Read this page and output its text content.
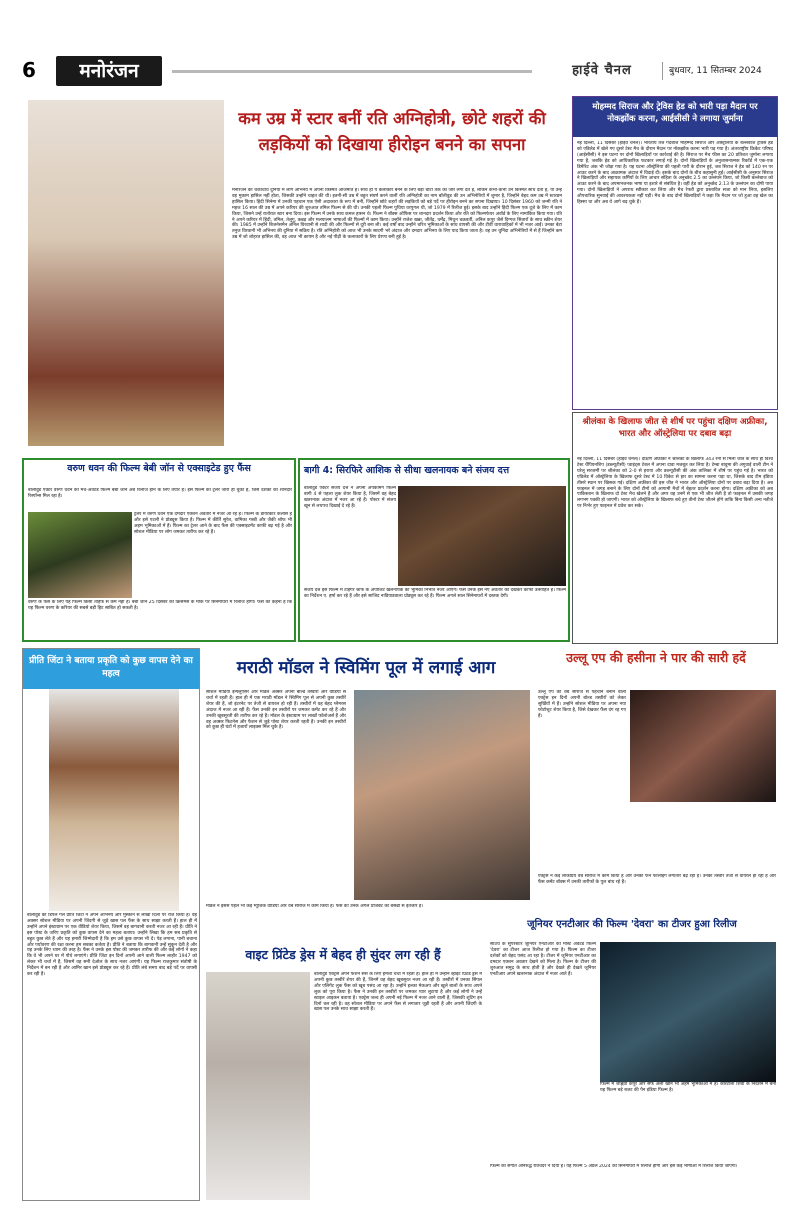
6	मनोरंजन	हाईवे चैनल	बुधवार, 11 सितम्बर 2024
कम उम्र में स्टार बनीं रति अग्निहोत्री, छोटे शहरों की लड़कियों को दिखाया हीरोइन बनने का सपना
मनोरंजन को चकाचौंध दुनिया में लोग अभिनय में अपनी किस्मत आजमाते हैं। साथ ही ये कलाकार बनने के लिए बड़ी चोटी तक का जोर लगा देते हैं, लेकिन कभी-कभी उन किस्मत साथ देती है, या उन्हें वह मुकाम हासिल नहीं होता, जिसकी उन्होंने चाहत की थी। इतनी-सी उम्र में बहुत संघर्ष करने वालीं रति अग्निहोत्री का नाम बॉलीवुड की उन अभिनेत्रियों में शुमार है, जिन्होंने बेहद कम उम्र में स्टारडम हासिल किया। हिंदी सिनेमा में उनकी पहचान एक ऐसी अदाकारा के रूप में बनी, जिन्होंने छोटे शहरों की लड़कियों को बड़े पर्दे पर हीरोइन बनने का सपना दिखाया। 10 दिसंबर 1960 को जन्मी रति ने महज 16 साल की उम्र में अपने करियर की शुरुआत तमिल फिल्म से की थी। उनकी पहली फिल्म पुथिया वरपुगल थी, जो 1979 में रिलीज हुई। इसके बाद उन्होंने हिंदी फिल्म एक दूजे के लिए में काम किया, जिसने उन्हें रातोंरात स्टार बना दिया। इस फिल्म में उनके साथ कमल हासन थे। फिल्म ने बॉक्स ऑफिस पर शानदार प्रदर्शन किया और रति को फिल्मफेयर अवॉर्ड के लिए नामांकित किया गया। रति ने अपने करियर में हिंदी, तमिल, तेलुगु, कन्नड़ और मलयालम भाषाओं की फिल्मों में काम किया। उन्होंने राजेश खन्ना, जीतेंद्र, धर्मेंद्र, मिथुन चक्रवर्ती, अनिल कपूर जैसे दिग्गज सितारों के साथ स्क्रीन शेयर की। 1985 में उन्होंने बिजनेसमैन अनिल विरवानी से शादी की और फिल्मों से दूरी बना ली। कई वर्षों बाद उन्होंने चरित्र भूमिकाओं के साथ वापसी की और टीवी धारावाहिकों में भी नजर आईं। उनका बेटा तनुज विरवानी भी अभिनय की दुनिया में सक्रिय है। रति अग्निहोत्री को आज भी उनके सादगी भरे अंदाज और दमदार अभिनय के लिए याद किया जाता है। वह उन चुनिंदा अभिनेत्रियों में से हैं जिन्होंने कम उम्र में जो शोहरत हासिल की, वह आज भी कायम है और नई पीढ़ी के कलाकारों के लिए प्रेरणा बनी हुई है।
मोहम्मद सिराज और ट्रेविस हेड को भारी पड़ा मैदान पर नोकझोंक करना, आईसीसी ने लगाया जुर्माना
नई दिल्ली, 11 दिसंबर (हाईवे चैनल)। भारतीय तेज गेंदबाज मोहम्मद सिराज और ऑस्ट्रेलिया के बल्लेबाज ट्रेविस हेड को एडिलेड में खेले गए दूसरे टेस्ट मैच के दौरान मैदान पर नोकझोंक करना भारी पड़ गया है। अंतरराष्ट्रीय क्रिकेट परिषद (आईसीसी) ने इस घटना पर दोनों खिलाड़ियों पर कार्रवाई की है। सिराज पर मैच फीस का 20 प्रतिशत जुर्माना लगाया गया है, जबकि हेड को आधिकारिक फटकार लगाई गई है। दोनों खिलाड़ियों के अनुशासनात्मक रिकॉर्ड में एक-एक डिमेरिट अंक भी जोड़ा गया है। यह घटना ऑस्ट्रेलिया की पहली पारी के दौरान हुई, जब सिराज ने हेड को 140 रन पर आउट करने के बाद आक्रामक अंदाज में विदाई दी। इसके बाद दोनों के बीच कहासुनी हुई। आईसीसी के अनुसार सिराज ने खिलाड़ियों और सहायक कर्मियों के लिए आचार संहिता के अनुच्छेद 2.5 का उल्लंघन किया, जो किसी बल्लेबाज को आउट करने के बाद अपमानजनक भाषा या इशारे से संबंधित है। वहीं हेड को अनुच्छेद 2.13 के उल्लंघन का दोषी पाया गया। दोनों खिलाड़ियों ने अपराध स्वीकार कर लिया और मैच रेफरी द्वारा प्रस्तावित सजा को मान लिया, इसलिए औपचारिक सुनवाई की आवश्यकता नहीं पड़ी। मैच के बाद दोनों खिलाड़ियों ने कहा कि मैदान पर जो हुआ वह खेल का हिस्सा था और अब वे आगे बढ़ चुके हैं।
श्रीलंका के खिलाफ जीत से शीर्ष पर पहुंचा दक्षिण अफ्रीका, भारत और ऑस्ट्रेलिया पर दबाव बढ़ा
नई दिल्ली, 11 दिसंबर (हाईवे चैनल)। दक्षिण अफ्रीका ने श्रीलंका के खिलाफ 343 रनों से मिली जीत के साथ ही विश्व टेस्ट चैंपियनशिप (डब्ल्यूटीसी) प्वाइंट्स टेबल में अपना दावा मजबूत कर लिया है। टेम्बा बावुमा की अगुवाई वाली टीम ने घरेलू सरजमीं पर श्रीलंका को 2-0 से हराया और डब्ल्यूटीसी की अंक तालिका में शीर्ष पर पहुंच गई है। भारत को एडिलेड में ऑस्ट्रेलिया के खिलाफ दूसरे टेस्ट में 10 विकेट से हार का सामना करना पड़ा था, जिसके बाद टीम इंडिया तीसरे स्थान पर खिसक गई। दक्षिण अफ्रीका की इस जीत ने भारत और ऑस्ट्रेलिया दोनों पर दबाव बढ़ा दिया है। अब फाइनल में जगह बनाने के लिए दोनों टीमों को आगामी मैचों में बेहतर प्रदर्शन करना होगा। दक्षिण अफ्रीका को अब पाकिस्तान के खिलाफ दो टेस्ट मैच खेलने हैं और अगर वह उनमें से एक भी जीत लेती है तो फाइनल में उसकी जगह लगभग पक्की हो जाएगी। भारत को ऑस्ट्रेलिया के खिलाफ बचे हुए तीनों टेस्ट जीतने होंगे ताकि बिना किसी अन्य नतीजे पर निर्भर हुए फाइनल में प्रवेश कर सके।
वरुण धवन की फिल्म बेबी जॉन से एक्साइटेड हुए फैंस
बॉलीवुड एक्टर वरुण धवन की मच-अवेटेड फिल्म बेबी जॉन अब रिलीज होने के लिए तैयार है। इस फिल्म का ट्रेलर जारी हो चुका है, जिसे दर्शकों का शानदार रिस्पॉन्स मिल रहा है।
ट्रेलर में वरुण धवन एक दमदार एक्शन अवतार में नजर आ रहे हैं। फिल्म के डायरेक्टर कलीस हैं और इसे एटली ने प्रोड्यूस किया है। फिल्म में कीर्ति सुरेश, वामिका गब्बी और जैकी श्रॉफ भी अहम भूमिकाओं में हैं। फिल्म का ट्रेलर आने के बाद फैंस की एक्साइटमेंट काफी बढ़ गई है और सोशल मीडिया पर लोग जमकर तारीफ कर रहे हैं।
वरुण के फैंस के लिए यह फिल्म किसी तोहफे से कम नहीं है। बेबी जॉन 25 दिसंबर को क्रिसमस के मौके पर सिनेमाघरों में रिलीज होगी। फैंस का कहना है कि यह फिल्म वरुण के करियर की सबसे बड़ी हिट साबित हो सकती है।
बागी 4: सिरफिरे आशिक से सीधा खलनायक बने संजय दत्त
बॉलीवुड एक्टर संजय दत्त ने अपनी अपकमिंग फिल्म बागी 4 से पहला लुक शेयर किया है, जिसमें वह बेहद खतरनाक अंदाज में नजर आ रहे हैं। पोस्टर में संजय खून से लथपथ दिखाई दे रहे हैं।
संजय दत्त इस फिल्म में टाइगर श्रॉफ के अपोजिट खलनायक की भूमिका निभाते नजर आएंगे। फैंस उनके इस नए अवतार को देखकर काफी उत्साहित हैं। फिल्म का निर्देशन ए. हर्षा कर रहे हैं और इसे साजिद नाडियाडवाला प्रोड्यूस कर रहे हैं। फिल्म अगले साल सिनेमाघरों में दस्तक देगी।
प्रीति जिंटा ने बताया प्रकृति को कुछ वापस देने का महत्व
बॉलीवुड की डिंपल गर्ल प्रीति जिंटा ने अपने अभिनय और मुस्कान से लाखों दिलों पर राज किया है। वह अक्सर सोशल मीडिया पर अपनी जिंदगी से जुड़े खास पल फैंस के साथ साझा करती हैं। हाल ही में उन्होंने अपने इंस्टाग्राम पर एक वीडियो शेयर किया, जिसमें वह बागवानी करती नजर आ रही हैं। प्रीति ने इस पोस्ट के जरिए प्रकृति को कुछ वापस देने का महत्व बताया। उन्होंने लिखा कि हम सब प्रकृति से बहुत कुछ लेते हैं और यह हमारी जिम्मेदारी है कि हम उसे कुछ वापस भी दें। पेड़ लगाना, पानी बचाना और पर्यावरण की रक्षा करना हम सबका कर्तव्य है। प्रीति ने बताया कि बागवानी उन्हें सुकून देती है और यह उनके लिए ध्यान की तरह है। फैंस ने उनके इस पोस्ट की जमकर तारीफ की और कई लोगों ने कहा कि वे भी अपने घर में पौधे लगाएंगे। प्रीति जिंटा इन दिनों अपनी आने वाली फिल्म लाहौर 1947 को लेकर भी चर्चा में हैं, जिसमें वह सनी देओल के साथ नजर आएंगी। यह फिल्म राजकुमार संतोषी के निर्देशन में बन रही है और आमिर खान इसे प्रोड्यूस कर रहे हैं। प्रीति लंबे समय बाद बड़े पर्दे पर वापसी कर रही हैं।
मराठी मॉडल ने स्विमिंग पूल में लगाई आग
सोशल मीडिया इन्फ्लुएंसर और मॉडल अक्सर अपनी बोल्ड तस्वीरों और वीडियो से चर्चा में रहती हैं। हाल ही में एक मराठी मॉडल ने स्विमिंग पूल से अपनी कुछ तस्वीरें शेयर की हैं, जो इंटरनेट पर तेजी से वायरल हो रही हैं। तस्वीरों में वह बेहद ग्लैमरस अंदाज में नजर आ रही हैं। फैंस उनकी इन तस्वीरों पर जमकर कमेंट कर रहे हैं और उनकी खूबसूरती की तारीफ कर रहे हैं। मॉडल के इंस्टाग्राम पर लाखों फॉलोअर्स हैं और वह अक्सर फिटनेस और फैशन से जुड़े पोस्ट शेयर करती रहती हैं। उनकी इन तस्वीरों को कुछ ही घंटों में हजारों लाइक्स मिल चुके हैं।
मॉडल ने इससे पहले भी कई म्यूजिक वीडियो और वेब सीरीज में काम किया है। फैंस को उनके अगले प्रोजेक्ट का बेसब्री से इंतजार है।
उल्लू एप की हसीना ने पार की सारी हदें
उल्लू एप की वेब सीरीज से पहचान बनाने वाली एक्ट्रेस इन दिनों अपनी बोल्ड तस्वीरों को लेकर सुर्खियों में हैं। उन्होंने सोशल मीडिया पर अपना नया फोटोशूट शेयर किया है, जिसे देखकर फैंस दंग रह गए हैं।
एक्ट्रेस ने कई लोकप्रिय वेब सीरीज में काम किया है और उनकी फैन फॉलोइंग लगातार बढ़ रही है। उनकी तस्वीरें तेजी से वायरल हो रही हैं और फैंस कमेंट बॉक्स में उनकी तारीफों के पुल बांध रहे हैं।
वाइट प्रिंटेड ड्रेस में बेहद ही सुंदर लग रही हैं
बॉलीवुड एक्ट्रेस अपने फैशन सेंस के लिए हमेशा चर्चा में रहती हैं। हाल ही में उन्होंने व्हाइट प्रिंटेड ड्रेस में अपनी कुछ तस्वीरें शेयर की हैं, जिनमें वह बेहद खूबसूरत नजर आ रही हैं। तस्वीरों में उनका सिंपल और एलिगेंट लुक फैंस को खूब पसंद आ रहा है। उन्होंने हल्का मेकअप और खुले बालों के साथ अपने लुक को पूरा किया है। फैंस ने उनकी इन तस्वीरों पर जमकर प्यार लुटाया है और कई लोगों ने उन्हें स्टाइल आइकन बताया है। एक्ट्रेस जल्द ही अपनी नई फिल्म में नजर आने वाली हैं, जिसकी शूटिंग इन दिनों चल रही है। वह सोशल मीडिया पर अपने फैंस से लगातार जुड़ी रहती हैं और अपनी जिंदगी के खास पल उनके साथ साझा करती हैं।
जूनियर एनटीआर की फिल्म 'देवरा' का टीजर हुआ रिलीज
साउथ के सुपरस्टार जूनियर एनटीआर की मोस्ट अवेटेड फिल्म 'देवरा' का टीजर आज रिलीज हो गया है। फिल्म का टीजर दर्शकों को बेहद पसंद आ रहा है। टीजर में जूनियर एनटीआर का दमदार एक्शन अवतार देखने को मिला है। फिल्म के टीजर की शुरुआत समुद्र के साथ होती है और देखते ही देखते जूनियर एनटीआर अपने खतरनाक अंदाज में नजर आते हैं।
फिल्म में जाह्नवी कपूर और सैफ अली खान भी अहम भूमिकाओं में हैं। कोरटाला शिवा के निर्देशन में बनी यह फिल्म बड़े बजट की पैन इंडिया फिल्म है।
फिल्म का संगीत अनिरुद्ध रविचंदर ने दिया है। यह फिल्म 5 अप्रैल 2024 को सिनेमाघरों में रिलीज होगी और इसे कई भाषाओं में रिलीज किया जाएगा।
